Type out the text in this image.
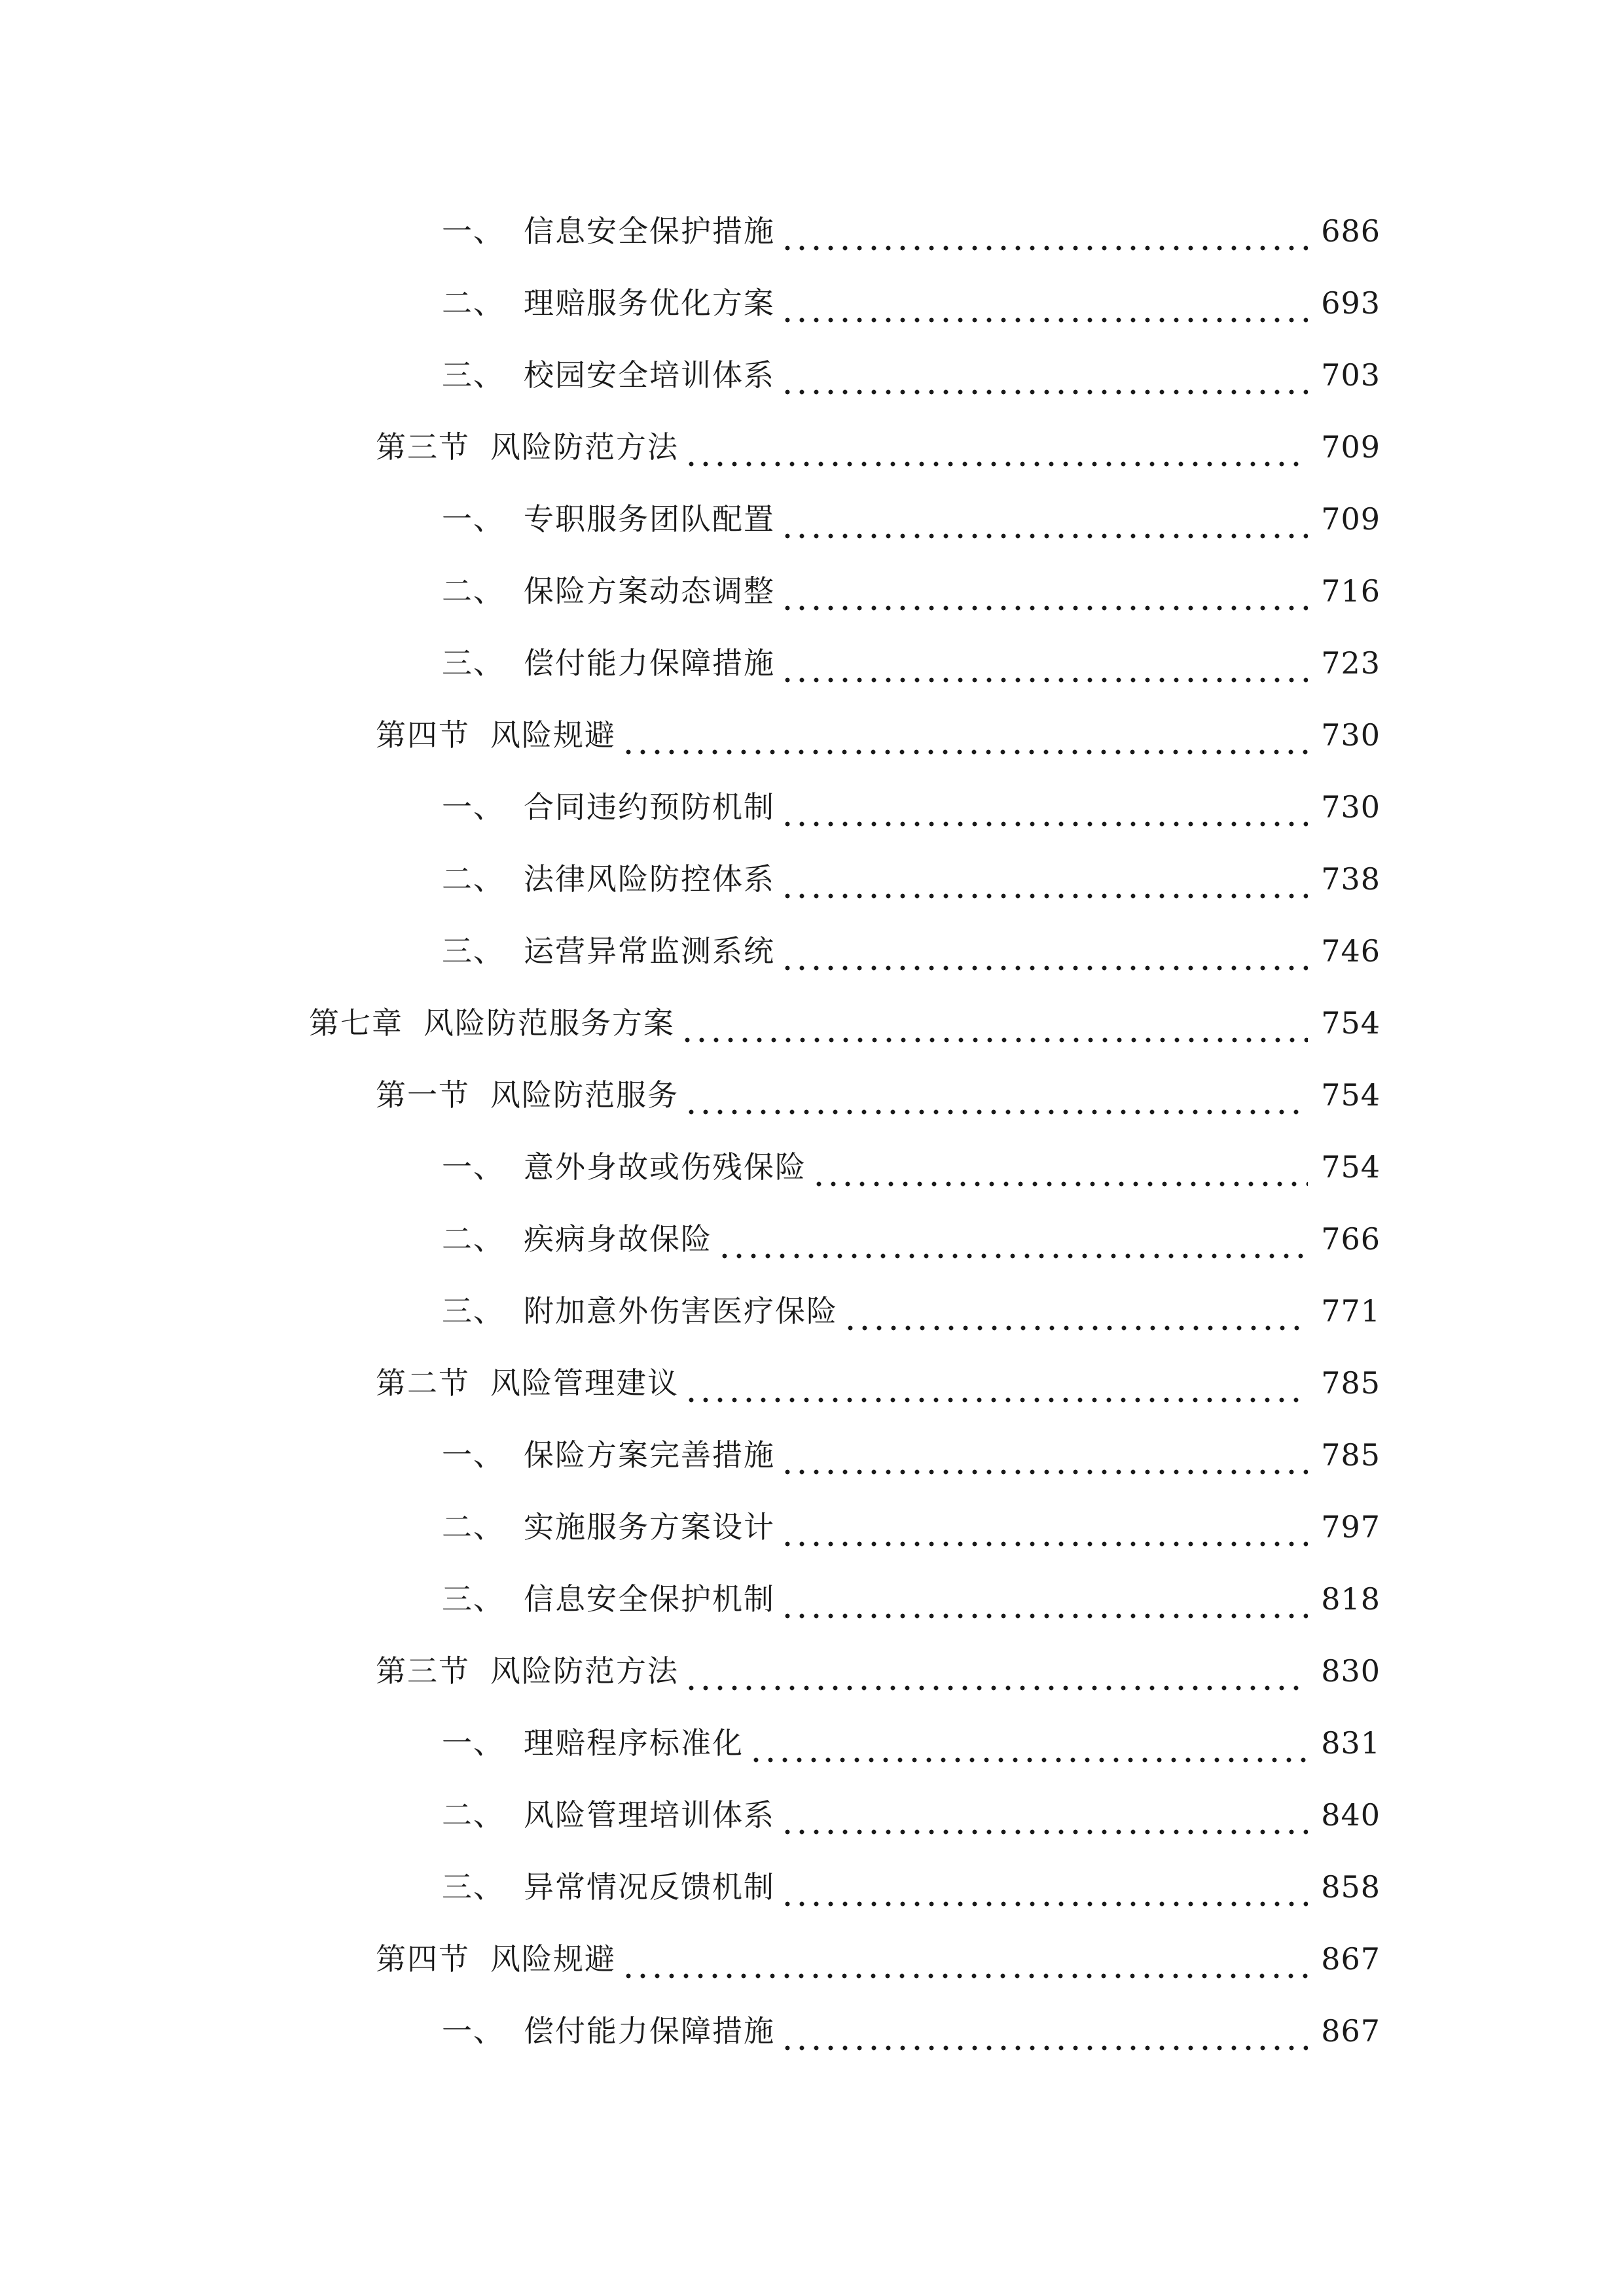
一、 信息安全保护措施	686
二、 理赔服务优化方案	693
三、 校园安全培训体系	703
第三节 风险防范方法	709
一、 专职服务团队配置	709
二、 保险方案动态调整	716
三、 偿付能力保障措施	723
第四节 风险规避	730
一、 合同违约预防机制	730
二、 法律风险防控体系	738
三、 运营异常监测系统	746
第七章 风险防范服务方案	754
第一节 风险防范服务	754
一、 意外身故或伤残保险	754
二、 疾病身故保险	766
三、 附加意外伤害医疗保险	771
第二节 风险管理建议	785
一、 保险方案完善措施	785
二、 实施服务方案设计	797
三、 信息安全保护机制	818
第三节 风险防范方法	830
一、 理赔程序标准化	831
二、 风险管理培训体系	840
三、 异常情况反馈机制	858
第四节 风险规避	867
一、 偿付能力保障措施	867
